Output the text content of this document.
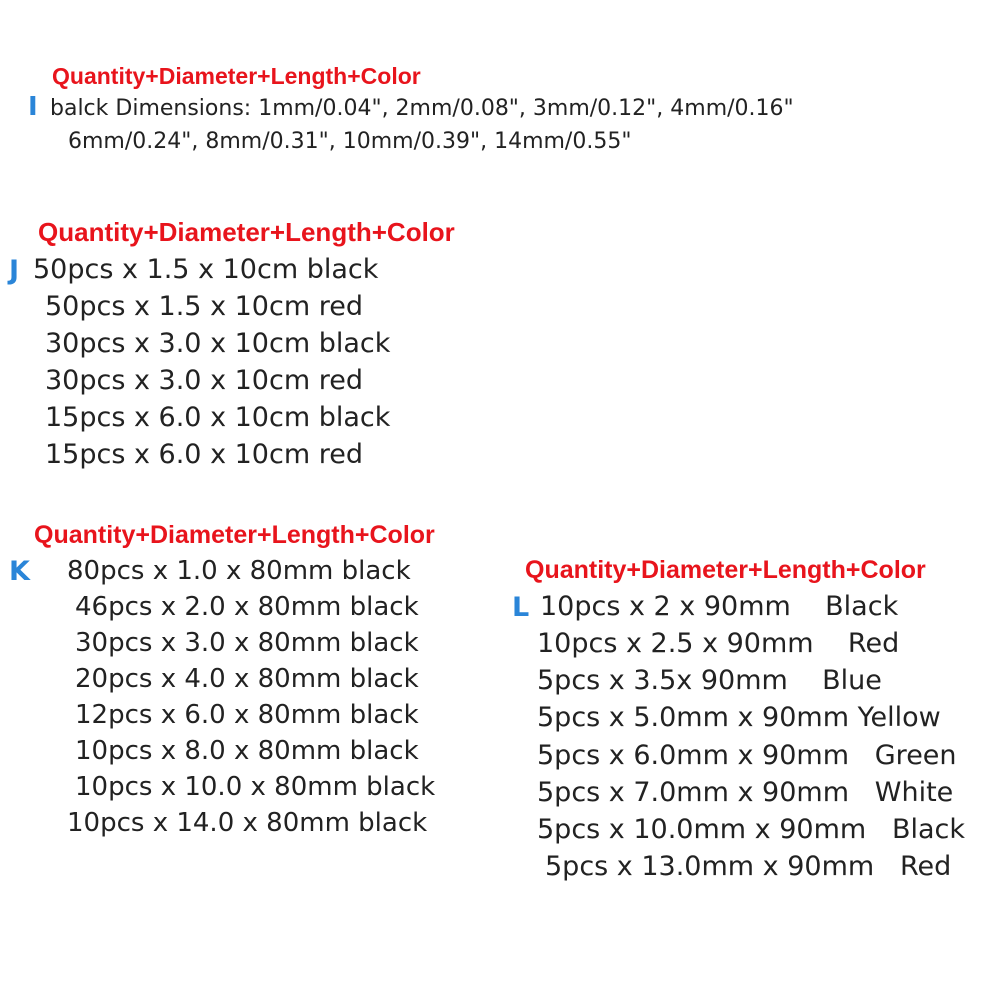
Quantity+Diameter+Length+Color
I balck Dimensions: 1mm/0.04", 2mm/0.08", 3mm/0.12", 4mm/0.16"
6mm/0.24", 8mm/0.31", 10mm/0.39", 14mm/0.55"
Quantity+Diameter+Length+Color
J 50pcs x 1.5 x 10cm black
50pcs x 1.5 x 10cm red
30pcs x 3.0 x 10cm black
30pcs x 3.0 x 10cm red
15pcs x 6.0 x 10cm black
15pcs x 6.0 x 10cm red
Quantity+Diameter+Length+Color
K 80pcs x 1.0 x 80mm black
46pcs x 2.0 x 80mm black
30pcs x 3.0 x 80mm black
20pcs x 4.0 x 80mm black
12pcs x 6.0 x 80mm black
10pcs x 8.0 x 80mm black
10pcs x 10.0 x 80mm black
10pcs x 14.0 x 80mm black
Quantity+Diameter+Length+Color
L 10pcs x 2 x 90mm    Black
10pcs x 2.5 x 90mm    Red
5pcs x 3.5x 90mm    Blue
5pcs x 5.0mm x 90mm Yellow
5pcs x 6.0mm x 90mm   Green
5pcs x 7.0mm x 90mm   White
5pcs x 10.0mm x 90mm   Black
5pcs x 13.0mm x 90mm   Red
